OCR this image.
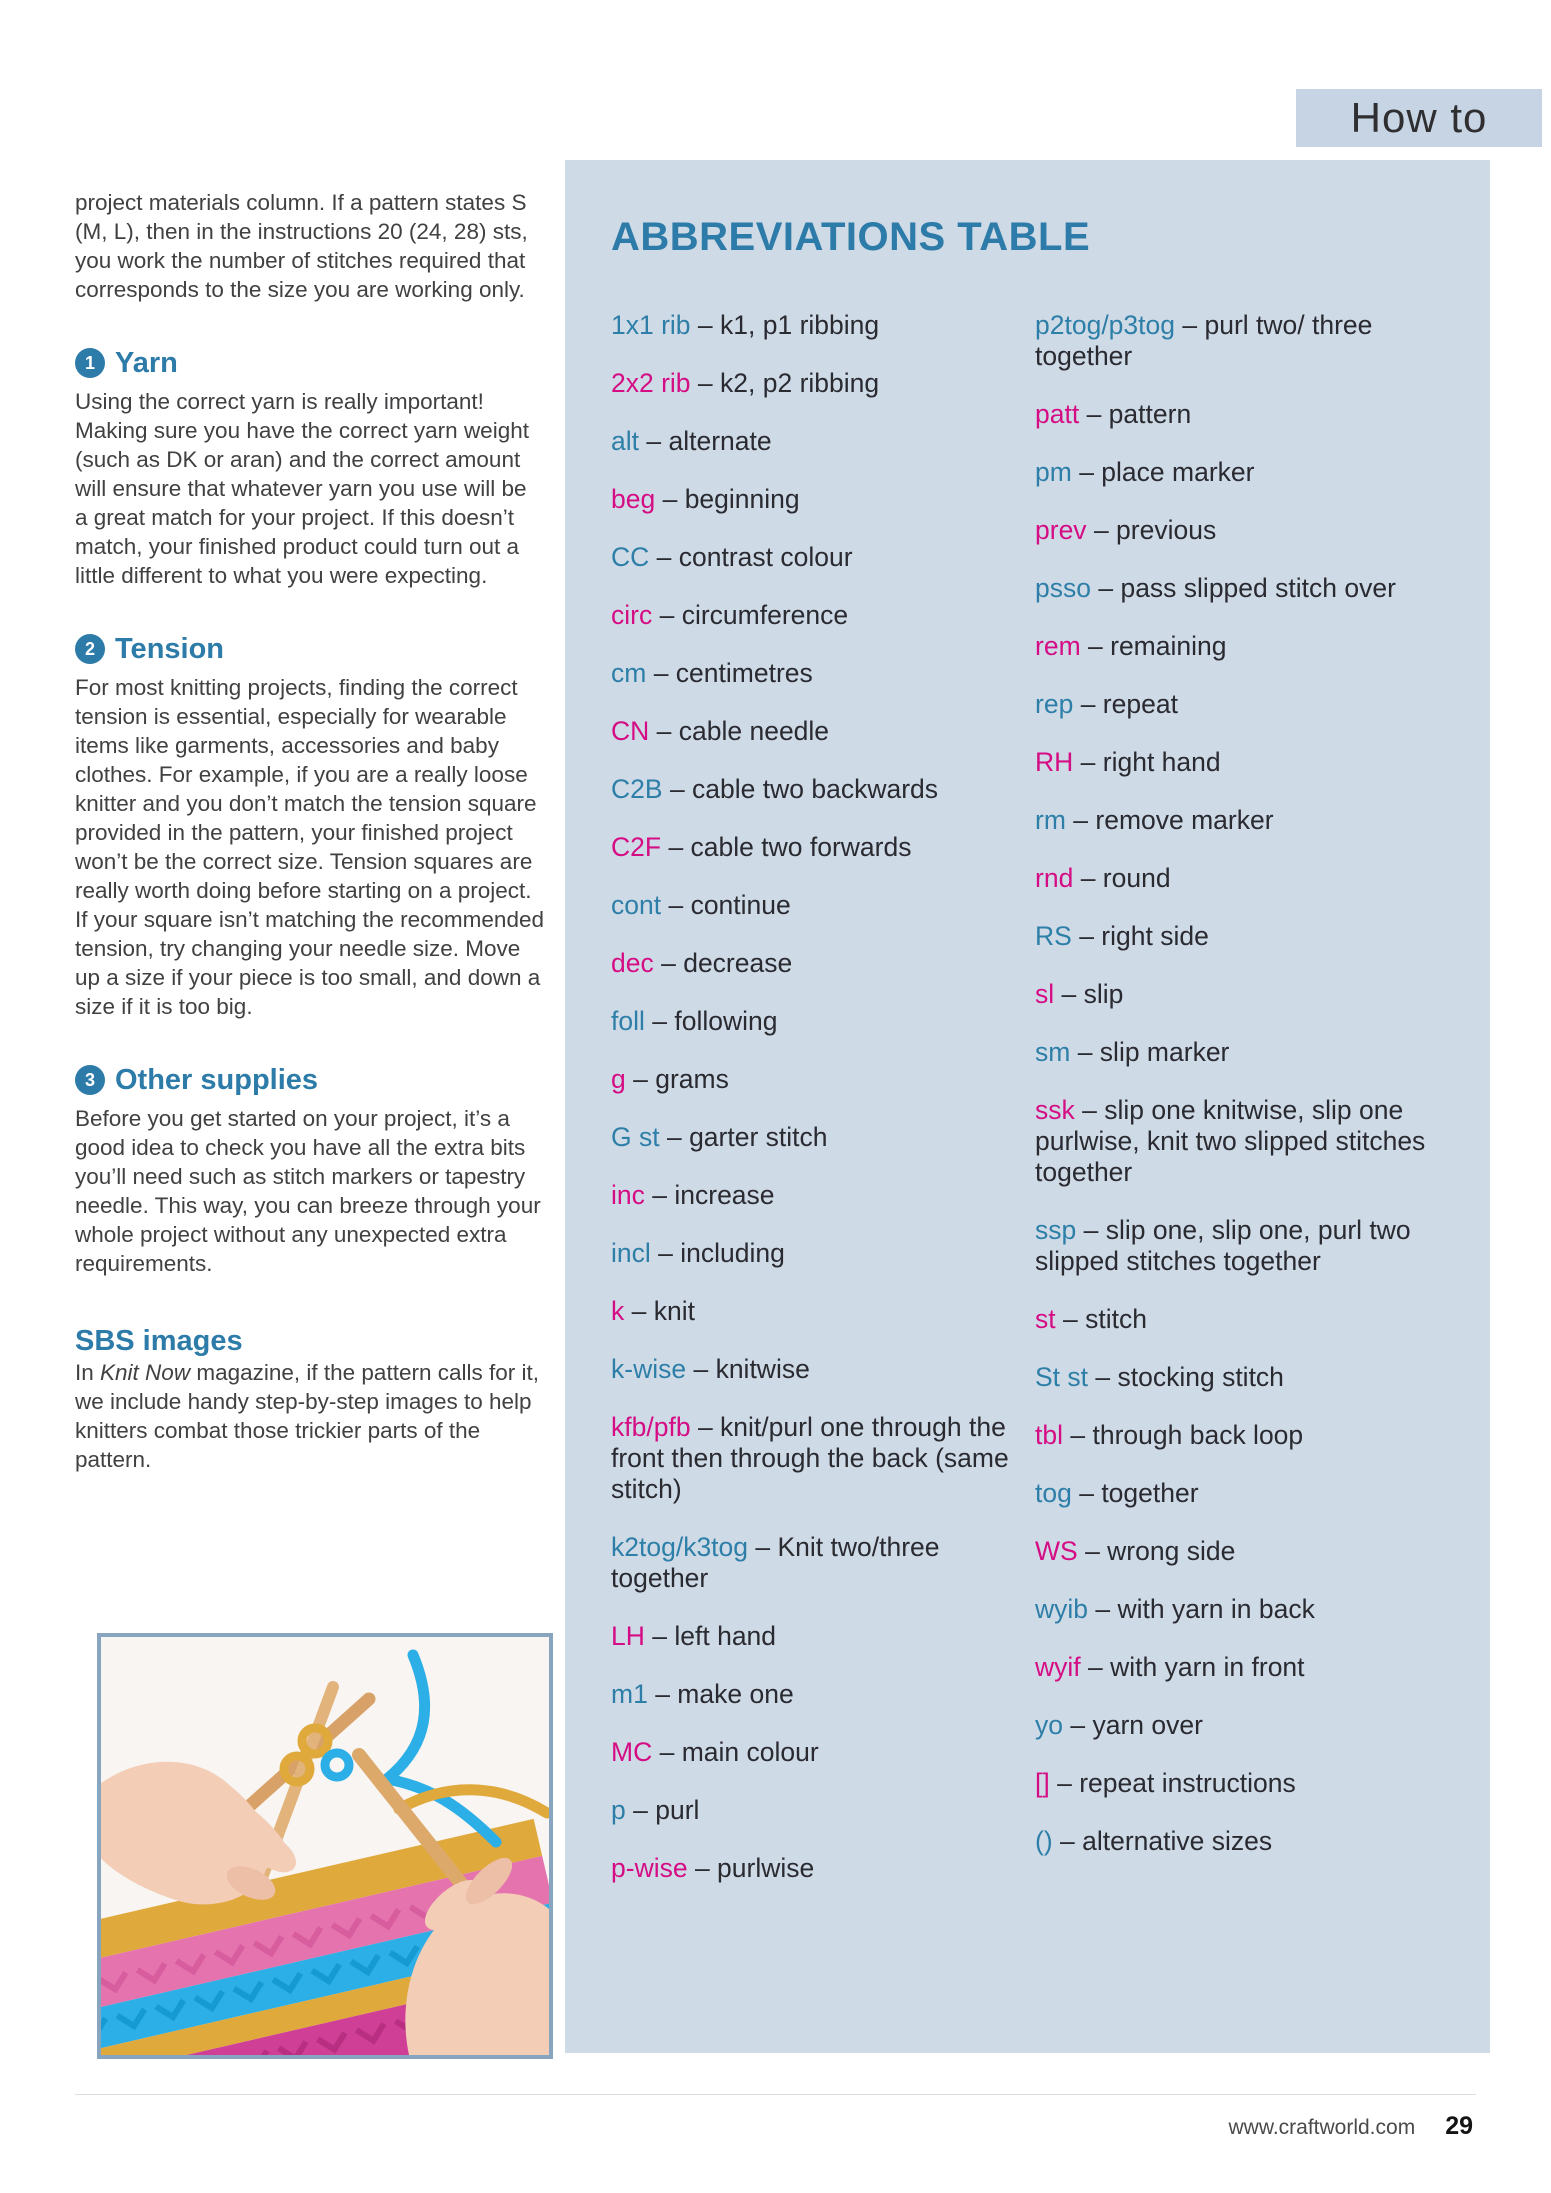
How to

project materials column. If a pattern states S (M, L), then in the instructions 20 (24, 28) sts, you work the number of stitches required that corresponds to the size you are working only.

1 Yarn

Using the correct yarn is really important! Making sure you have the correct yarn weight (such as DK or aran) and the correct amount will ensure that whatever yarn you use will be a great match for your project. If this doesn’t match, your finished product could turn out a little different to what you were expecting.

2 Tension

For most knitting projects, finding the correct tension is essential, especially for wearable items like garments, accessories and baby clothes. For example, if you are a really loose knitter and you don’t match the tension square provided in the pattern, your finished project won’t be the correct size. Tension squares are really worth doing before starting on a project. If your square isn’t matching the recommended tension, try changing your needle size. Move up a size if your piece is too small, and down a size if it is too big.

3 Other supplies

Before you get started on your project, it’s a good idea to check you have all the extra bits you’ll need such as stitch markers or tapestry needle. This way, you can breeze through your whole project without any unexpected extra requirements.

SBS images

In Knit Now magazine, if the pattern calls for it, we include handy step-by-step images to help knitters combat those trickier parts of the pattern.

ABBREVIATIONS TABLE
1x1 rib – k1, p1 ribbing
2x2 rib – k2, p2 ribbing
alt – alternate
beg – beginning
CC – contrast colour
circ – circumference
cm – centimetres
CN – cable needle
C2B – cable two backwards
C2F – cable two forwards
cont – continue
dec – decrease
foll – following
g – grams
G st – garter stitch
inc – increase
incl – including
k – knit
k-wise – knitwise
kfb/pfb – knit/purl one through the front then through the back (same stitch)
k2tog/k3tog – Knit two/three together
LH – left hand
m1 – make one
MC – main colour
p – purl
p-wise – purlwise
p2tog/p3tog – purl two/ three together
patt – pattern
pm – place marker
prev – previous
psso – pass slipped stitch over
rem – remaining
rep – repeat
RH – right hand
rm – remove marker
rnd – round
RS – right side
sl – slip
sm – slip marker
ssk – slip one knitwise, slip one purlwise, knit two slipped stitches together
ssp – slip one, slip one, purl two slipped stitches together
st – stitch
St st – stocking stitch
tbl – through back loop
tog – together
WS – wrong side
wyib – with yarn in back
wyif – with yarn in front
yo – yarn over
[] – repeat instructions
() – alternative sizes
www.craftworld.com 29
